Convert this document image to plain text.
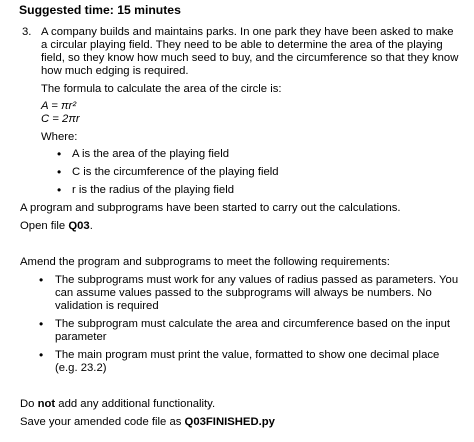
Suggested time: 15 minutes
3. A company builds and maintains parks. In one park they have been asked to make
a circular playing field. They need to be able to determine the area of the playing
field, so they know how much seed to buy, and the circumference so that they know
how much edging is required.
The formula to calculate the area of the circle is:
A = πr²
C = 2πr
Where:
• A is the area of the playing field
• C is the circumference of the playing field
• r is the radius of the playing field
A program and subprograms have been started to carry out the calculations.
Open file Q03.
Amend the program and subprograms to meet the following requirements:
• The subprograms must work for any values of radius passed as parameters. You
can assume values passed to the subprograms will always be numbers. No
validation is required
• The subprogram must calculate the area and circumference based on the input
parameter
• The main program must print the value, formatted to show one decimal place
(e.g. 23.2)
Do not add any additional functionality.
Save your amended code file as Q03FINISHED.py
